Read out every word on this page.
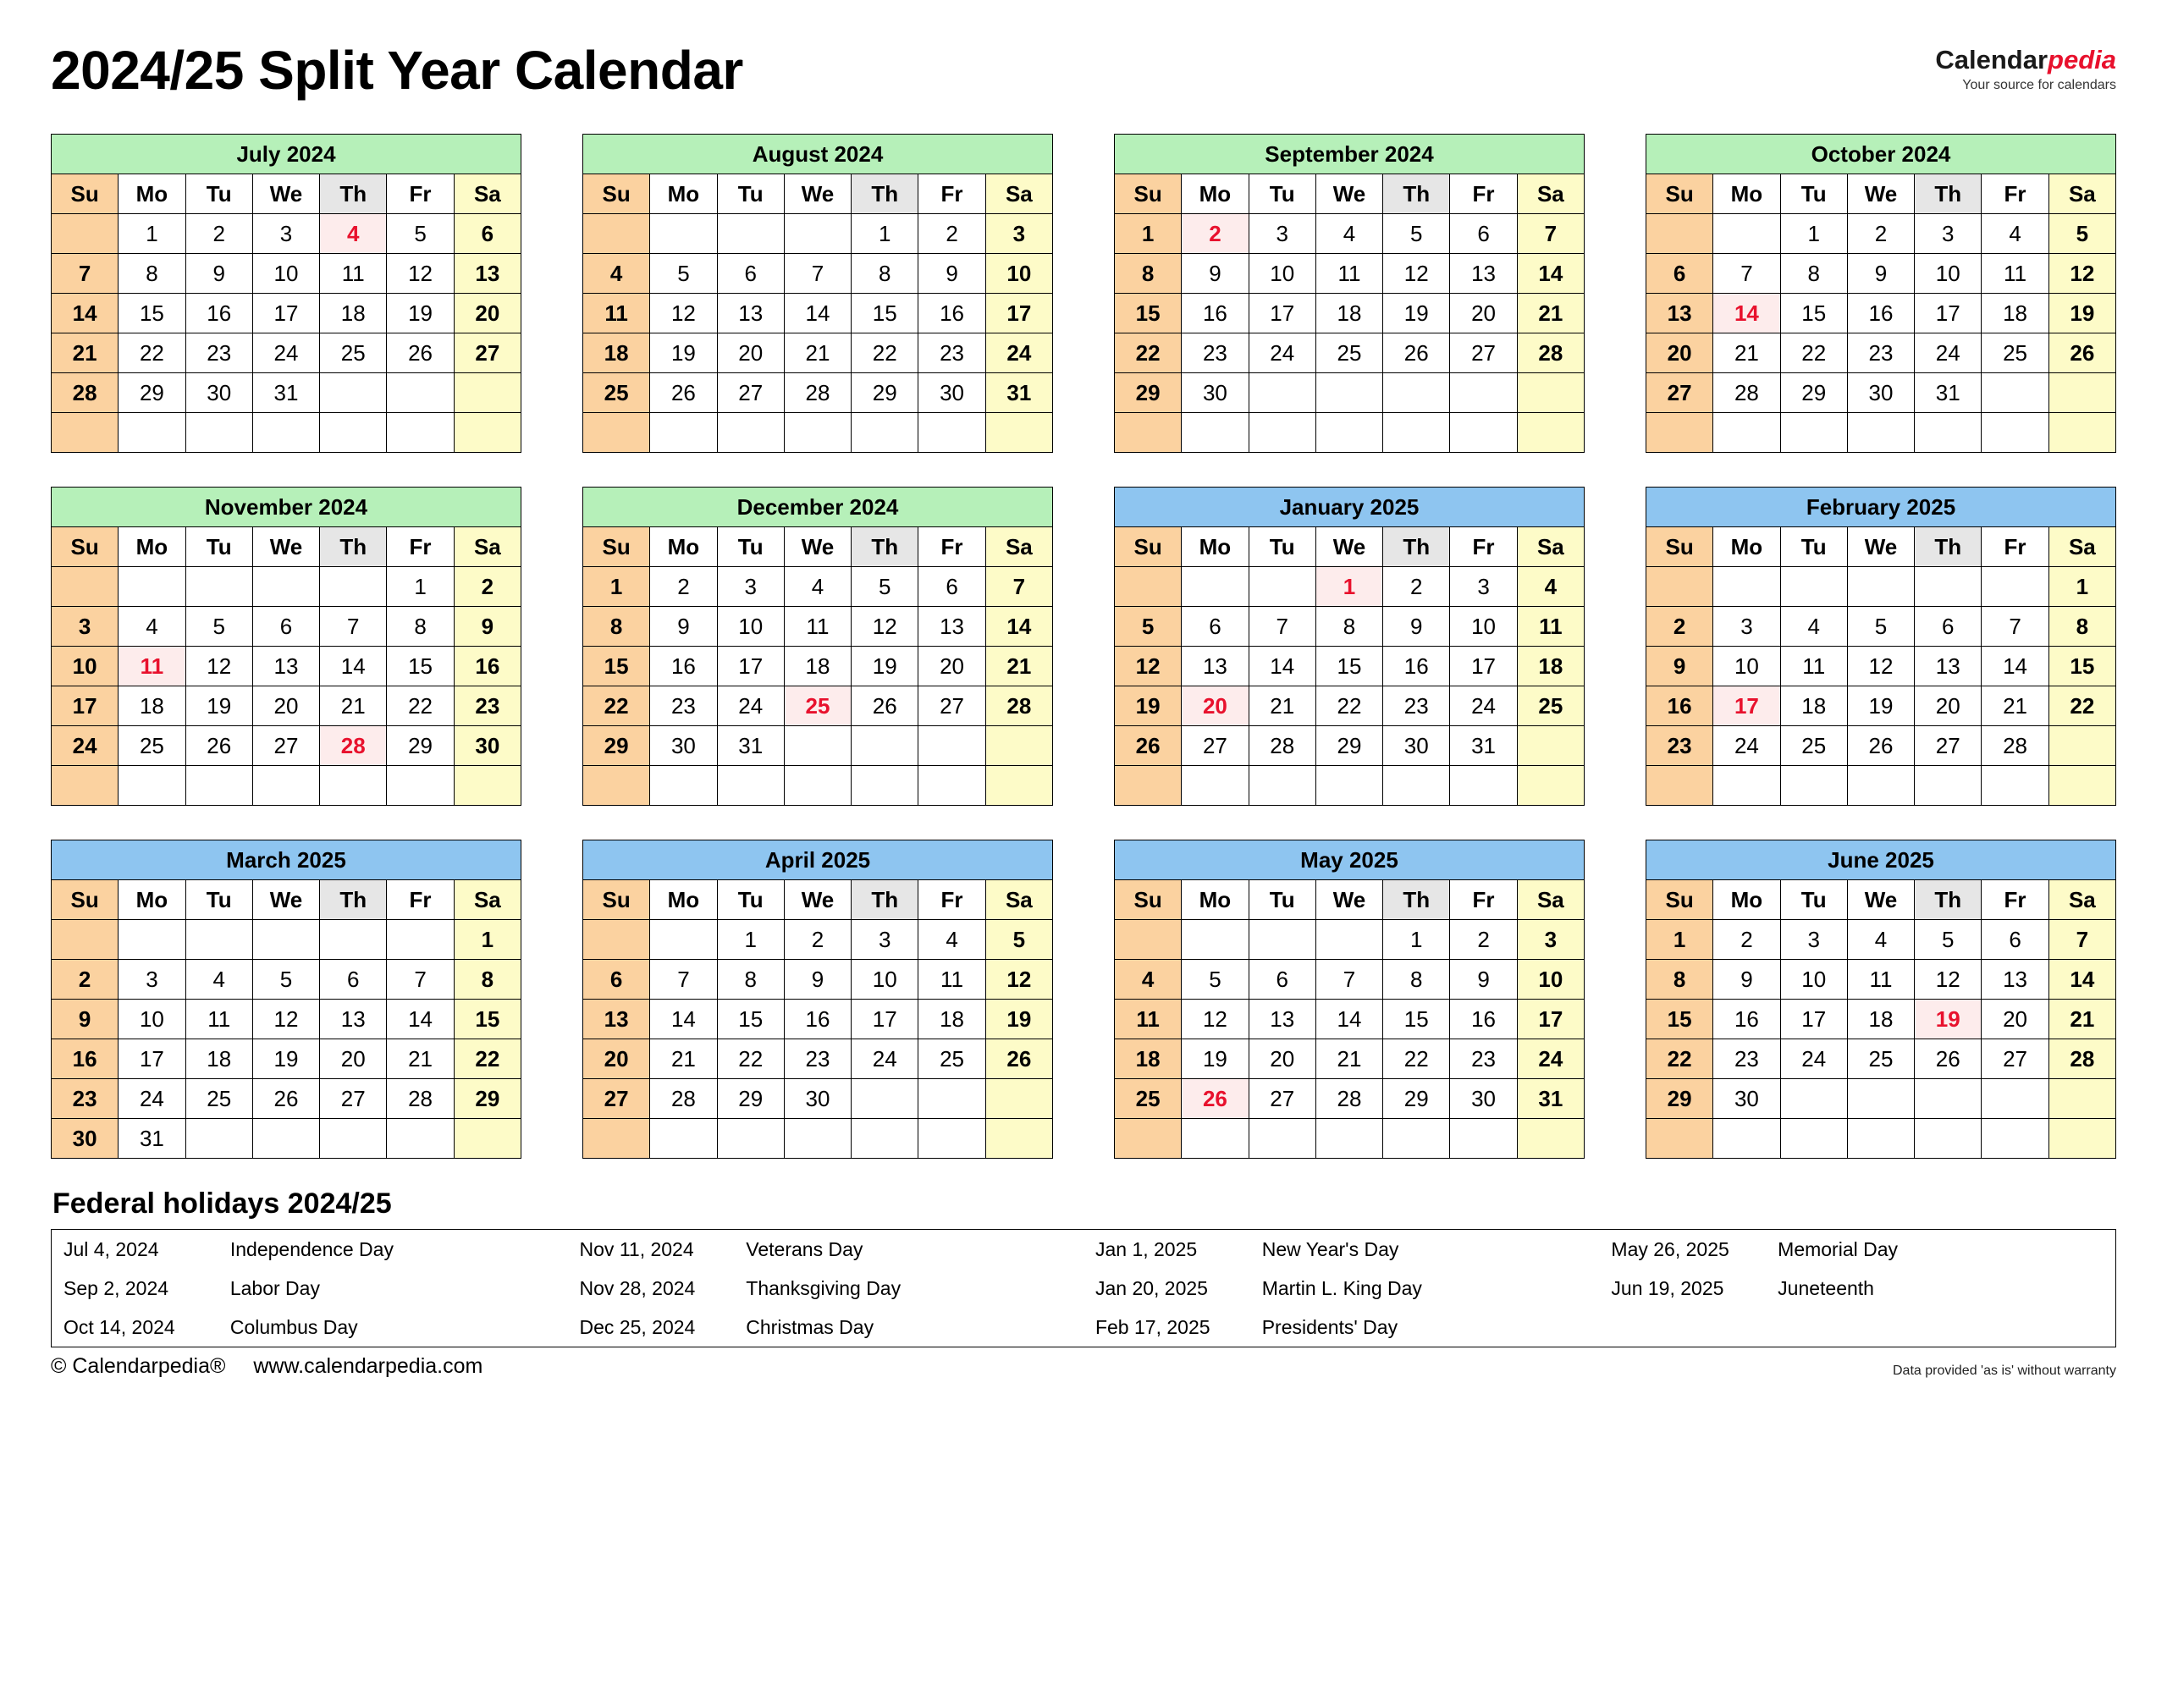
2024/25 Split Year Calendar	Calendarpedia
Your source for calendars
July 2024						
Su	Mo	Tu	We	Th	Fr	Sa
	1	2	3	4	5	6
7	8	9	10	11	12	13
14	15	16	17	18	19	20
21	22	23	24	25	26	27
28	29	30	31			

August 2024						
Su	Mo	Tu	We	Th	Fr	Sa
				1	2	3
4	5	6	7	8	9	10
11	12	13	14	15	16	17
18	19	20	21	22	23	24
25	26	27	28	29	30	31

September 2024						
Su	Mo	Tu	We	Th	Fr	Sa
1	2	3	4	5	6	7
8	9	10	11	12	13	14
15	16	17	18	19	20	21
22	23	24	25	26	27	28
29	30					

October 2024						
Su	Mo	Tu	We	Th	Fr	Sa
		1	2	3	4	5
6	7	8	9	10	11	12
13	14	15	16	17	18	19
20	21	22	23	24	25	26
27	28	29	30	31		

November 2024						
Su	Mo	Tu	We	Th	Fr	Sa
					1	2
3	4	5	6	7	8	9
10	11	12	13	14	15	16
17	18	19	20	21	22	23
24	25	26	27	28	29	30

December 2024						
Su	Mo	Tu	We	Th	Fr	Sa
1	2	3	4	5	6	7
8	9	10	11	12	13	14
15	16	17	18	19	20	21
22	23	24	25	26	27	28
29	30	31				

January 2025						
Su	Mo	Tu	We	Th	Fr	Sa
			1	2	3	4
5	6	7	8	9	10	11
12	13	14	15	16	17	18
19	20	21	22	23	24	25
26	27	28	29	30	31	

February 2025						
Su	Mo	Tu	We	Th	Fr	Sa
						1
2	3	4	5	6	7	8
9	10	11	12	13	14	15
16	17	18	19	20	21	22
23	24	25	26	27	28	

March 2025						
Su	Mo	Tu	We	Th	Fr	Sa
						1
2	3	4	5	6	7	8
9	10	11	12	13	14	15
16	17	18	19	20	21	22
23	24	25	26	27	28	29
30	31					
April 2025						
Su	Mo	Tu	We	Th	Fr	Sa
		1	2	3	4	5
6	7	8	9	10	11	12
13	14	15	16	17	18	19
20	21	22	23	24	25	26
27	28	29	30			

May 2025						
Su	Mo	Tu	We	Th	Fr	Sa
				1	2	3
4	5	6	7	8	9	10
11	12	13	14	15	16	17
18	19	20	21	22	23	24
25	26	27	28	29	30	31

June 2025						
Su	Mo	Tu	We	Th	Fr	Sa
1	2	3	4	5	6	7
8	9	10	11	12	13	14
15	16	17	18	19	20	21
22	23	24	25	26	27	28
29	30					

Federal holidays 2024/25
Jul 4, 2024	Independence Day	Nov 11, 2024	Veterans Day	Jan 1, 2025	New Year's Day	May 26, 2025	Memorial Day
Sep 2, 2024	Labor Day	Nov 28, 2024	Thanksgiving Day	Jan 20, 2025	Martin L. King Day	Jun 19, 2025	Juneteenth
Oct 14, 2024	Columbus Day	Dec 25, 2024	Christmas Day	Feb 17, 2025	Presidents' Day		
© Calendarpedia® www.calendarpedia.com	Data provided 'as is' without warranty
